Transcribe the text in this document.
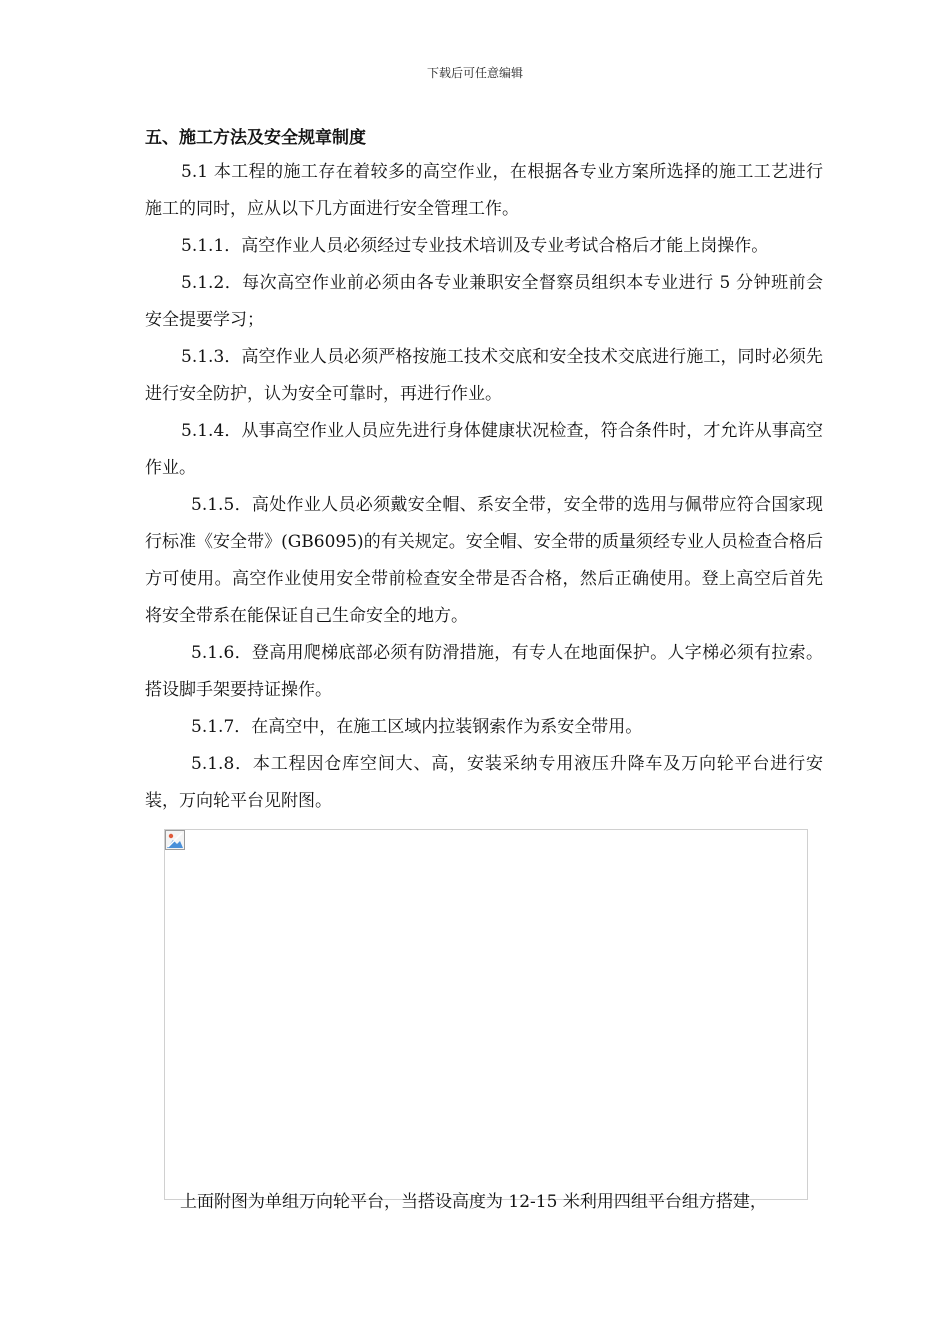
下载后可任意编辑
五、施工方法及安全规章制度

5.1 本工程的施工存在着较多的高空作业，在根据各专业方案所选择的施工工艺进行施工的同时，应从以下几方面进行安全管理工作。

5.1.1．高空作业人员必须经过专业技术培训及专业考试合格后才能上岗操作。

5.1.2．每次高空作业前必须由各专业兼职安全督察员组织本专业进行 5 分钟班前会安全提要学习；

5.1.3．高空作业人员必须严格按施工技术交底和安全技术交底进行施工，同时必须先进行安全防护，认为安全可靠时，再进行作业。

5.1.4．从事高空作业人员应先进行身体健康状况检查，符合条件时，才允许从事高空作业。

5.1.5．高处作业人员必须戴安全帽、系安全带，安全带的选用与佩带应符合国家现行标准《安全带》(GB6095)的有关规定。安全帽、安全带的质量须经专业人员检查合格后方可使用。高空作业使用安全带前检查安全带是否合格，然后正确使用。登上高空后首先将安全带系在能保证自己生命安全的地方。

5.1.6．登高用爬梯底部必须有防滑措施，有专人在地面保护。人字梯必须有拉索。搭设脚手架要持证操作。

5.1.7．在高空中，在施工区域内拉装钢索作为系安全带用。

5.1.8．本工程因仓库空间大、高，安装采纳专用液压升降车及万向轮平台进行安装，万向轮平台见附图。

上面附图为单组万向轮平台，当搭设高度为 12-15 米利用四组平台组方搭建，
